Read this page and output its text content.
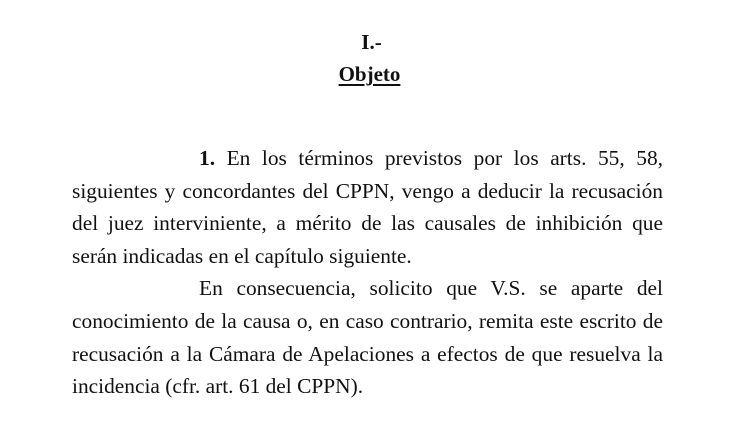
I.-

Objeto

1. En los términos previstos por los arts. 55, 58, siguientes y concordantes del CPPN, vengo a deducir la recusación del juez interviniente, a mérito de las causales de inhibición que serán indicadas en el capítulo siguiente.

En consecuencia, solicito que V.S. se aparte del conocimiento de la causa o, en caso contrario, remita este escrito de recusación a la Cámara de Apelaciones a efectos de que resuelva la incidencia (cfr. art. 61 del CPPN).
